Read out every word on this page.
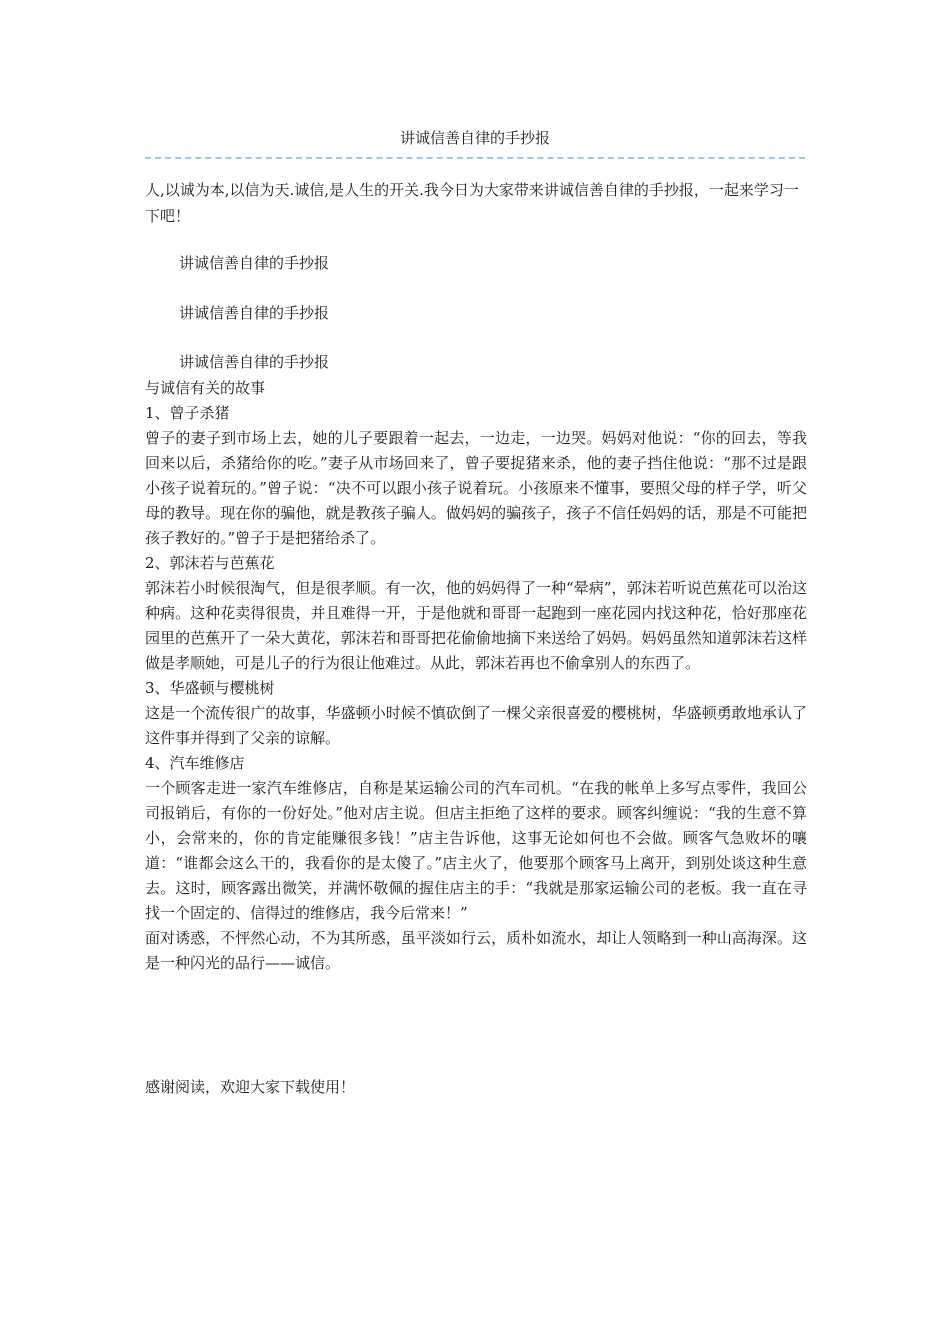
讲诚信善自律的手抄报
人,以诚为本,以信为天.诚信,是人生的开关.我今日为大家带来讲诚信善自律的手抄报，一起来学习一下吧！
讲诚信善自律的手抄报
讲诚信善自律的手抄报
讲诚信善自律的手抄报

与诚信有关的故事

1、曾子杀猪

曾子的妻子到市场上去，她的儿子要跟着一起去，一边走，一边哭。妈妈对他说：“你的回去，等我回来以后，杀猪给你的吃。”妻子从市场回来了，曾子要捉猪来杀，他的妻子挡住他说：“那不过是跟小孩子说着玩的。”曾子说：“决不可以跟小孩子说着玩。小孩原来不懂事，要照父母的样子学，听父母的教导。现在你的骗他，就是教孩子骗人。做妈妈的骗孩子，孩子不信任妈妈的话，那是不可能把孩子教好的。”曾子于是把猪给杀了。

2、郭沫若与芭蕉花

郭沫若小时候很淘气，但是很孝顺。有一次，他的妈妈得了一种“晕病”，郭沫若听说芭蕉花可以治这种病。这种花卖得很贵，并且难得一开，于是他就和哥哥一起跑到一座花园内找这种花，恰好那座花园里的芭蕉开了一朵大黄花，郭沫若和哥哥把花偷偷地摘下来送给了妈妈。妈妈虽然知道郭沫若这样做是孝顺她，可是儿子的行为很让他难过。从此，郭沫若再也不偷拿别人的东西了。

3、华盛顿与樱桃树

这是一个流传很广的故事，华盛顿小时候不慎砍倒了一棵父亲很喜爱的樱桃树，华盛顿勇敢地承认了这件事并得到了父亲的谅解。

4、汽车维修店

一个顾客走进一家汽车维修店，自称是某运输公司的汽车司机。“在我的帐单上多写点零件，我回公司报销后，有你的一份好处。”他对店主说。但店主拒绝了这样的要求。顾客纠缠说：“我的生意不算小，会常来的，你的肯定能赚很多钱！”店主告诉他，这事无论如何也不会做。顾客气急败坏的嚷道：“谁都会这么干的，我看你的是太傻了。”店主火了，他要那个顾客马上离开，到别处谈这种生意去。这时，顾客露出微笑，并满怀敬佩的握住店主的手：“我就是那家运输公司的老板。我一直在寻找一个固定的、信得过的维修店，我今后常来！”

面对诱惑，不怦然心动，不为其所惑，虽平淡如行云，质朴如流水，却让人领略到一种山高海深。这是一种闪光的品行——诚信。

感谢阅读，欢迎大家下载使用！
